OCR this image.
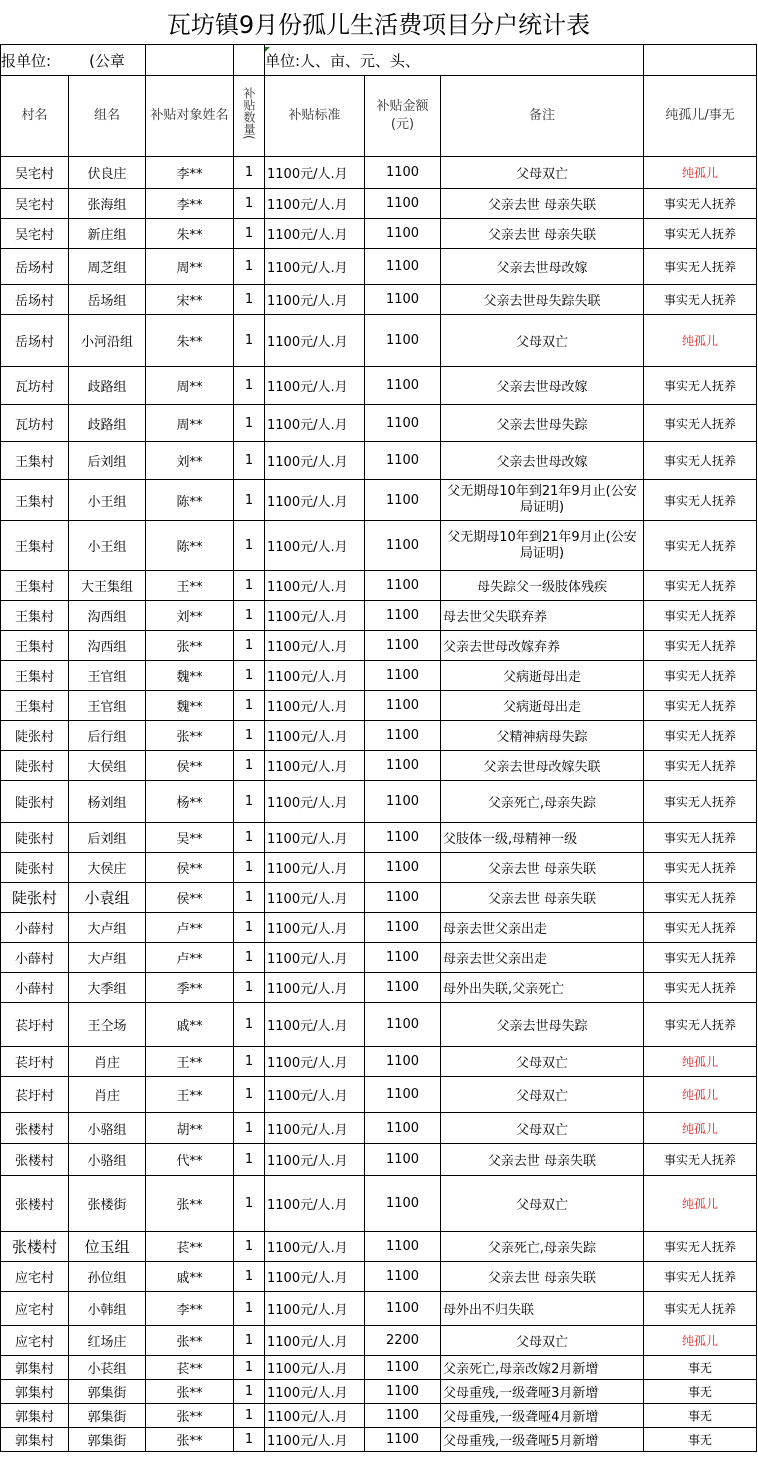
瓦坊镇9月份孤儿生活费项目分户统计表							
报单位: (公章				单位:人、亩、元、头、			
村名	组名	补贴对象姓名	补贴数量(	补贴标准	补贴金额(元)	备注	纯孤儿/事无
吴宅村	伏良庄	李**	1	1100元/人.月	1100	父母双亡	纯孤儿
吴宅村	张海组	李**	1	1100元/人.月	1100	父亲去世 母亲失联	事实无人抚养
吴宅村	新庄组	朱**	1	1100元/人.月	1100	父亲去世 母亲失联	事实无人抚养
岳场村	周芝组	周**	1	1100元/人.月	1100	父亲去世母改嫁	事实无人抚养
岳场村	岳场组	宋**	1	1100元/人.月	1100	父亲去世母失踪失联	事实无人抚养
岳场村	小河沿组	朱**	1	1100元/人.月	1100	父母双亡	纯孤儿
瓦坊村	歧路组	周**	1	1100元/人.月	1100	父亲去世母改嫁	事实无人抚养
瓦坊村	歧路组	周**	1	1100元/人.月	1100	父亲去世母失踪	事实无人抚养
王集村	后刘组	刘**	1	1100元/人.月	1100	父亲去世母改嫁	事实无人抚养
王集村	小王组	陈**	1	1100元/人.月	1100	父无期母10年到21年9月止(公安局证明)	事实无人抚养
王集村	小王组	陈**	1	1100元/人.月	1100	父无期母10年到21年9月止(公安局证明)	事实无人抚养
王集村	大王集组	王**	1	1100元/人.月	1100	母失踪父一级肢体残疾	事实无人抚养
王集村	沟西组	刘**	1	1100元/人.月	1100	母去世父失联弃养	事实无人抚养
王集村	沟西组	张**	1	1100元/人.月	1100	父亲去世母改嫁弃养	事实无人抚养
王集村	王官组	魏**	1	1100元/人.月	1100	父病逝母出走	事实无人抚养
王集村	王官组	魏**	1	1100元/人.月	1100	父病逝母出走	事实无人抚养
陡张村	后行组	张**	1	1100元/人.月	1100	父精神病母失踪	事实无人抚养
陡张村	大侯组	侯**	1	1100元/人.月	1100	父亲去世母改嫁失联	事实无人抚养
陡张村	杨刘组	杨**	1	1100元/人.月	1100	父亲死亡,母亲失踪	事实无人抚养
陡张村	后刘组	吴**	1	1100元/人.月	1100	父肢体一级,母精神一级	事实无人抚养
陡张村	大侯庄	侯**	1	1100元/人.月	1100	父亲去世 母亲失联	事实无人抚养
陡张村	小袁组	侯**	1	1100元/人.月	1100	父亲去世 母亲失联	事实无人抚养
小薛村	大卢组	卢**	1	1100元/人.月	1100	母亲去世父亲出走	事实无人抚养
小薛村	大卢组	卢**	1	1100元/人.月	1100	母亲去世父亲出走	事实无人抚养
小薛村	大季组	季**	1	1100元/人.月	1100	母外出失联,父亲死亡	事实无人抚养
苌圩村	王仝场	戚**	1	1100元/人.月	1100	父亲去世母失踪	事实无人抚养
苌圩村	肖庄	王**	1	1100元/人.月	1100	父母双亡	纯孤儿
苌圩村	肖庄	王**	1	1100元/人.月	1100	父母双亡	纯孤儿
张楼村	小骆组	胡**	1	1100元/人.月	1100	父母双亡	纯孤儿
张楼村	小骆组	代**	1	1100元/人.月	1100	父亲去世 母亲失联	事实无人抚养
张楼村	张楼街	张**	1	1100元/人.月	1100	父母双亡	纯孤儿
张楼村	位玉组	苌**	1	1100元/人.月	1100	父亲死亡,母亲失踪	事实无人抚养
应宅村	孙位组	戚**	1	1100元/人.月	1100	父亲去世 母亲失联	事实无人抚养
应宅村	小韩组	李**	1	1100元/人.月	1100	母外出不归失联	事实无人抚养
应宅村	红场庄	张**	1	1100元/人.月	2200	父母双亡	纯孤儿
郭集村	小苌组	苌**	1	1100元/人.月	1100	父亲死亡,母亲改嫁2月新增	事无
郭集村	郭集街	张**	1	1100元/人.月	1100	父母重残,一级聋哑3月新增	事无
郭集村	郭集街	张**	1	1100元/人.月	1100	父母重残,一级聋哑4月新增	事无
郭集村	郭集街	张**	1	1100元/人.月	1100	父母重残,一级聋哑5月新增	事无
